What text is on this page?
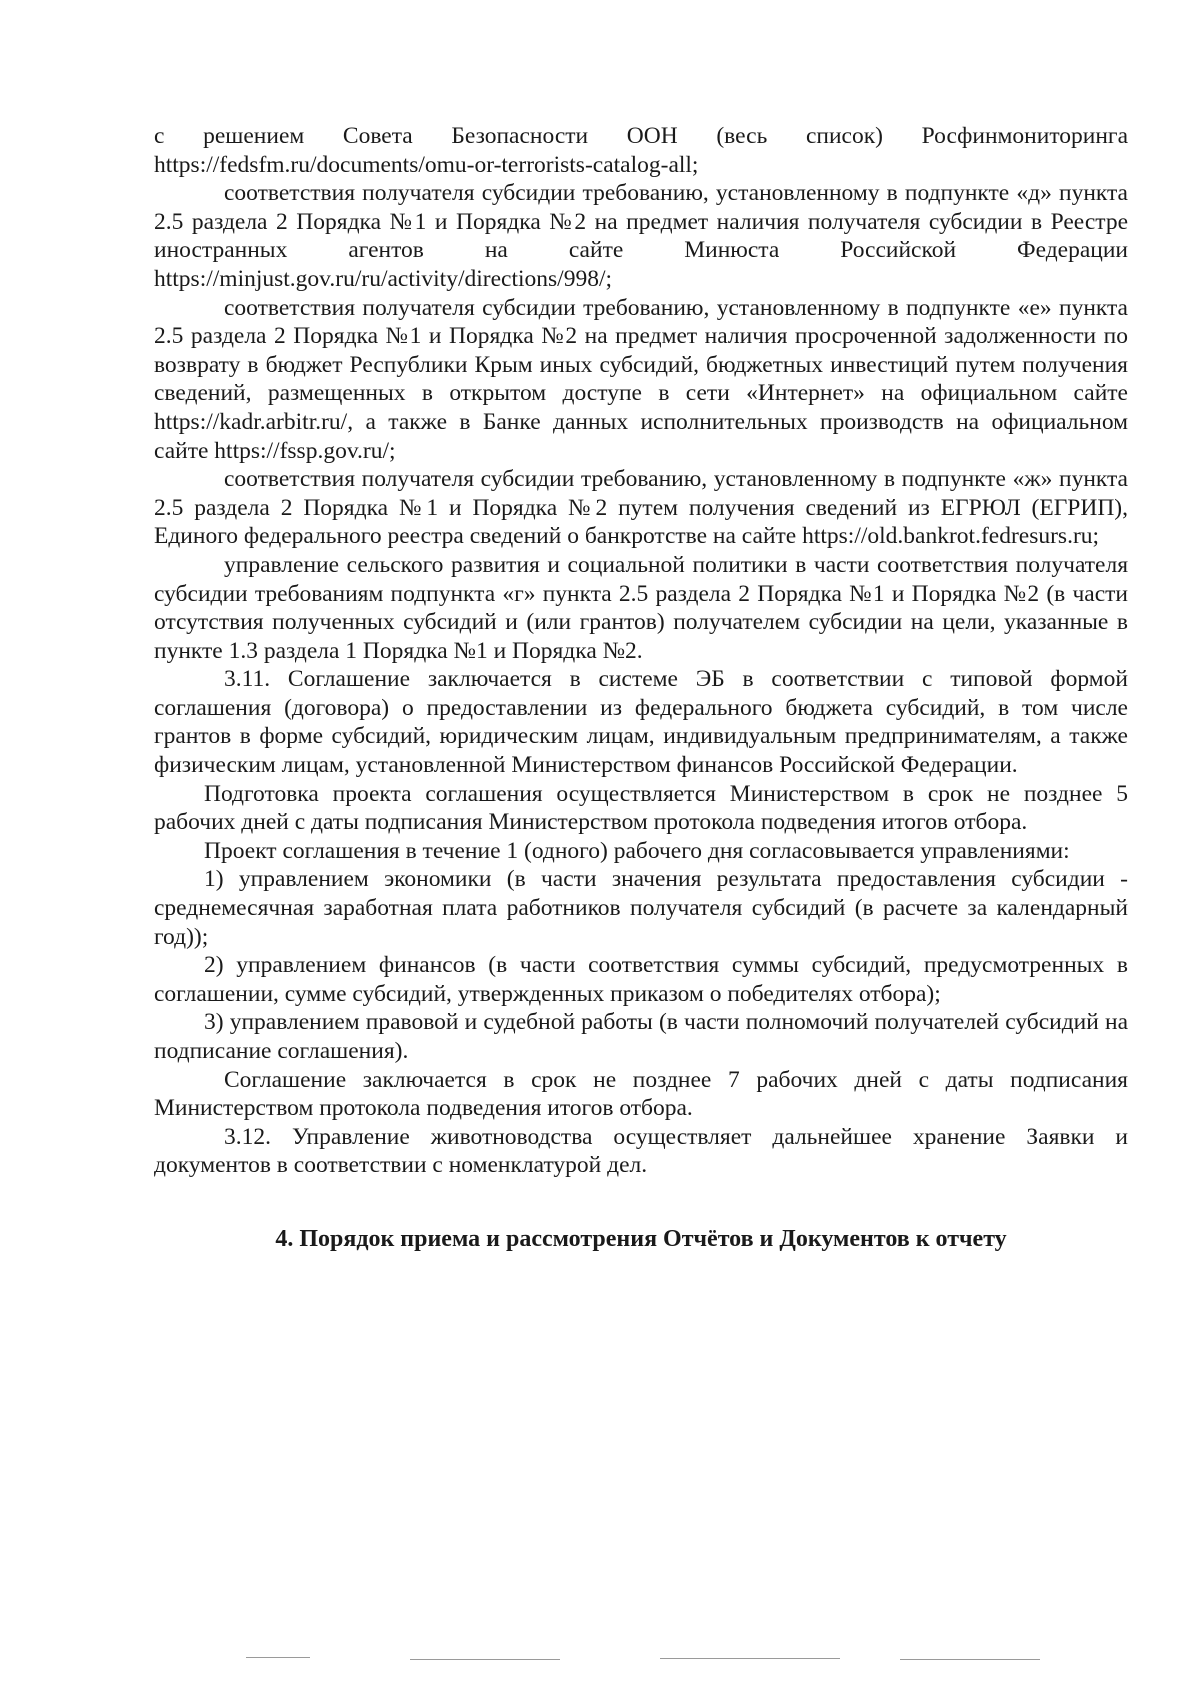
с решением Совета Безопасности ООН (весь список) Росфинмониторинга https://fedsfm.ru/documents/omu-or-terrorists-catalog-all;

соответствия получателя субсидии требованию, установленному в подпункте «д» пункта 2.5 раздела 2 Порядка №1 и Порядка №2 на предмет наличия получателя субсидии в Реестре иностранных агентов на сайте Минюста Российской Федерации https://minjust.gov.ru/ru/activity/directions/998/;

соответствия получателя субсидии требованию, установленному в подпункте «е» пункта 2.5 раздела 2 Порядка №1 и Порядка №2 на предмет наличия просроченной задолженности по возврату в бюджет Республики Крым иных субсидий, бюджетных инвестиций путем получения сведений, размещенных в открытом доступе в сети «Интернет» на официальном сайте https://kadr.arbitr.ru/, а также в Банке данных исполнительных производств на официальном сайте https://fssp.gov.ru/;

соответствия получателя субсидии требованию, установленному в подпункте «ж» пункта 2.5 раздела 2 Порядка №1 и Порядка №2 путем получения сведений из ЕГРЮЛ (ЕГРИП), Единого федерального реестра сведений о банкротстве на сайте https://old.bankrot.fedresurs.ru;

управление сельского развития и социальной политики в части соответствия получателя субсидии требованиям подпункта «г» пункта 2.5 раздела 2 Порядка №1 и Порядка №2 (в части отсутствия полученных субсидий и (или грантов) получателем субсидии на цели, указанные в пункте 1.3 раздела 1 Порядка №1 и Порядка №2.

3.11. Соглашение заключается в системе ЭБ в соответствии с типовой формой соглашения (договора) о предоставлении из федерального бюджета субсидий, в том числе грантов в форме субсидий, юридическим лицам, индивидуальным предпринимателям, а также физическим лицам, установленной Министерством финансов Российской Федерации.

Подготовка проекта соглашения осуществляется Министерством в срок не позднее 5 рабочих дней с даты подписания Министерством протокола подведения итогов отбора.

Проект соглашения в течение 1 (одного) рабочего дня согласовывается управлениями:

1) управлением экономики (в части значения результата предоставления субсидии - среднемесячная заработная плата работников получателя субсидий (в расчете за календарный год));

2) управлением финансов (в части соответствия суммы субсидий, предусмотренных в соглашении, сумме субсидий, утвержденных приказом о победителях отбора);

3) управлением правовой и судебной работы (в части полномочий получателей субсидий на подписание соглашения).

Соглашение заключается в срок не позднее 7 рабочих дней с даты подписания Министерством протокола подведения итогов отбора.

3.12. Управление животноводства осуществляет дальнейшее хранение Заявки и документов в соответствии с номенклатурой дел.

4. Порядок приема и рассмотрения Отчётов и Документов к отчету
